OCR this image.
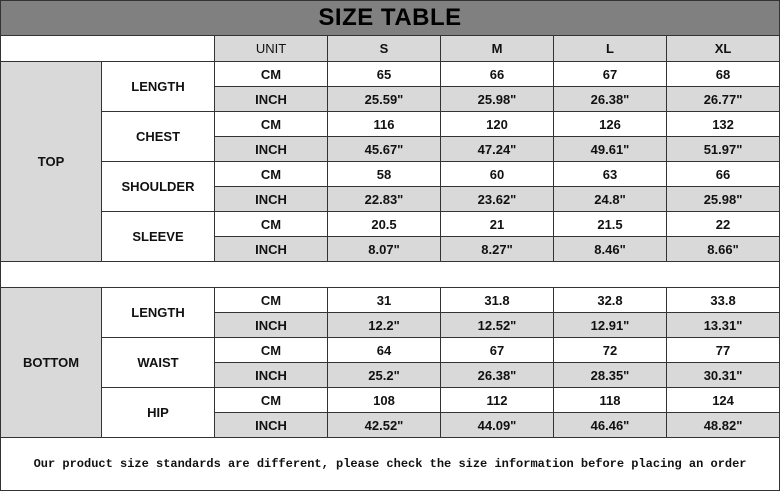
SIZE TABLE						
		UNIT	S	M	L	XL
TOP	LENGTH	CM	65	66	67	68
		INCH	25.59"	25.98"	26.38"	26.77"
	CHEST	CM	116	120	126	132
		INCH	45.67"	47.24"	49.61"	51.97"
	SHOULDER	CM	58	60	63	66
		INCH	22.83"	23.62"	24.8"	25.98"
	SLEEVE	CM	20.5	21	21.5	22
		INCH	8.07"	8.27"	8.46"	8.66"

BOTTOM	LENGTH	CM	31	31.8	32.8	33.8
		INCH	12.2"	12.52"	12.91"	13.31"
	WAIST	CM	64	67	72	77
		INCH	25.2"	26.38"	28.35"	30.31"
	HIP	CM	108	112	118	124
		INCH	42.52"	44.09"	46.46"	48.82"
Our product size standards are different, please check the size information before placing an order						
